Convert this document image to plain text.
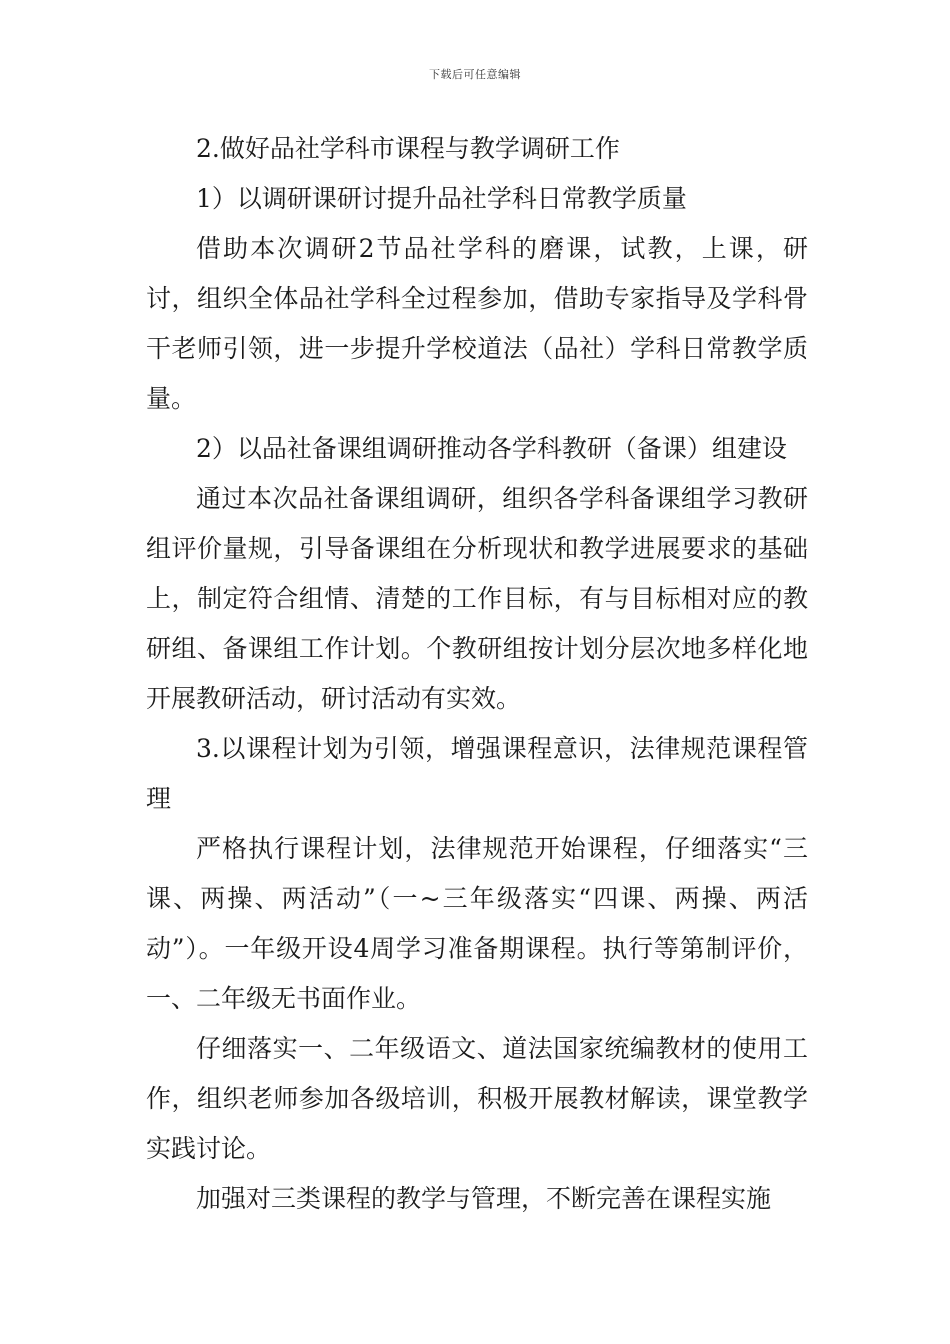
下载后可任意编辑

2.做好品社学科市课程与教学调研工作

1）以调研课研讨提升品社学科日常教学质量

借助本次调研2节品社学科的磨课，试教，上课，研讨，组织全体品社学科全过程参加，借助专家指导及学科骨干老师引领，进一步提升学校道法（品社）学科日常教学质量。

2）以品社备课组调研推动各学科教研（备课）组建设

通过本次品社备课组调研，组织各学科备课组学习教研组评价量规，引导备课组在分析现状和教学进展要求的基础上，制定符合组情、清楚的工作目标，有与目标相对应的教研组、备课组工作计划。个教研组按计划分层次地多样化地开展教研活动，研讨活动有实效。

3.以课程计划为引领，增强课程意识，法律规范课程管理

严格执行课程计划，法律规范开始课程，仔细落实“三课、两操、两活动”（一~三年级落实“四课、两操、两活动”）。一年级开设4周学习准备期课程。执行等第制评价，一、二年级无书面作业。

仔细落实一、二年级语文、道法国家统编教材的使用工作，组织老师参加各级培训，积极开展教材解读，课堂教学实践讨论。

加强对三类课程的教学与管理，不断完善在课程实施
